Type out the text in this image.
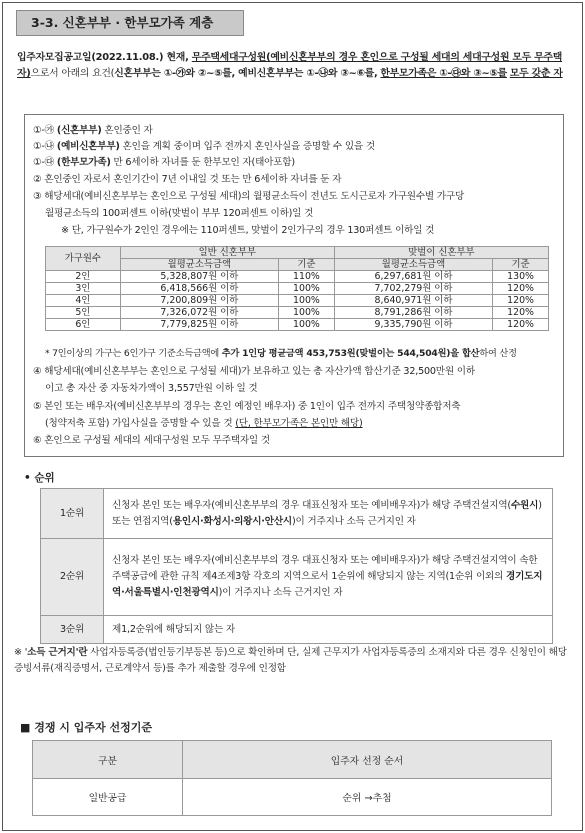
3-3. 신혼부부 · 한부모가족 계층
입주자모집공고일(2022.11.08.) 현재, 무주택세대구성원(예비신혼부부의 경우 혼인으로 구성될 세대의 세대구성원 모두 무주택자)으로서 아래의 요건(신혼부부는 ①-㉮와 ②~⑤를, 예비신혼부부는 ①-㉯와 ③~⑥를, 한부모가족은 ①-㉰와 ③~⑤를 모두 갖춘 자
①-㉮ (신혼부부) 혼인중인 자
①-㉯ (예비신혼부부) 혼인을 계획 중이며 입주 전까지 혼인사실을 증명할 수 있을 것
①-㉰ (한부모가족) 만 6세이하 자녀를 둔 한부모인 자(태아포함)
② 혼인중인 자로서 혼인기간이 7년 이내일 것 또는 만 6세이하 자녀를 둔 자
③ 해당세대(예비신혼부부는 혼인으로 구성될 세대)의 월평균소득이 전년도 도시근로자 가구원수별 가구당
월평균소득의 100퍼센트 이하(맞벌이 부부 120퍼센트 이하)일 것
※ 단, 가구원수가 2인인 경우에는 110퍼센트, 맞벌이 2인가구의 경우 130퍼센트 이하일 것
가구원수	일반 신혼부부		맞벌이 신혼부부	
	월평균소득금액	기준	월평균소득금액	기준
2인	5,328,807원 이하	110%	6,297,681원 이하	130%
3인	6,418,566원 이하	100%	7,702,279원 이하	120%
4인	7,200,809원 이하	100%	8,640,971원 이하	120%
5인	7,326,072원 이하	100%	8,791,286원 이하	120%
6인	7,779,825원 이하	100%	9,335,790원 이하	120%
* 7인이상의 가구는 6인가구 기준소득금액에 추가 1인당 평균금액 453,753원(맞벌이는 544,504원)을 합산하여 산정
④ 해당세대(예비신혼부부는 혼인으로 구성될 세대)가 보유하고 있는 총 자산가액 합산기준 32,500만원 이하
이고 총 자산 중 자동차가액이 3,557만원 이하 일 것
⑤ 본인 또는 배우자(예비신혼부부의 경우는 혼인 예정인 배우자) 중 1인이 입주 전까지 주택청약종합저축
(청약저축 포함) 가입사실을 증명할 수 있을 것 (단, 한부모가족은 본인만 해당)
⑥ 혼인으로 구성될 세대의 세대구성원 모두 무주택자일 것
• 순위
1순위	신청자 본인 또는 배우자(예비신혼부부의 경우 대표신청자 또는 예비배우자)가 해당 주택건설지역(수원시) 또는 연접지역(용인시·화성시·의왕시·안산시)이 거주지나 소득 근거지인 자
2순위	신청자 본인 또는 배우자(예비신혼부부의 경우 대표신청자 또는 예비배우자)가 해당 주택건설지역이 속한 주택공급에 관한 규칙 제4조제3항 각호의 지역으로서 1순위에 해당되지 않는 지역(1순위 이외의 경기도지역·서울특별시·인천광역시)이 거주지나 소득 근거지인 자
3순위	제1,2순위에 해당되지 않는 자
※ '소득 근거지'란 사업자등록증(법인등기부등본 등)으로 확인하며 단, 실제 근무지가 사업자등록증의 소재지와 다른 경우 신청인이 해당 증빙서류(재직증명서, 근로계약서 등)를 추가 제출할 경우에 인정함
■ 경쟁 시 입주자 선정기준
구분	입주자 선정 순서
일반공급	순위 →추첨
